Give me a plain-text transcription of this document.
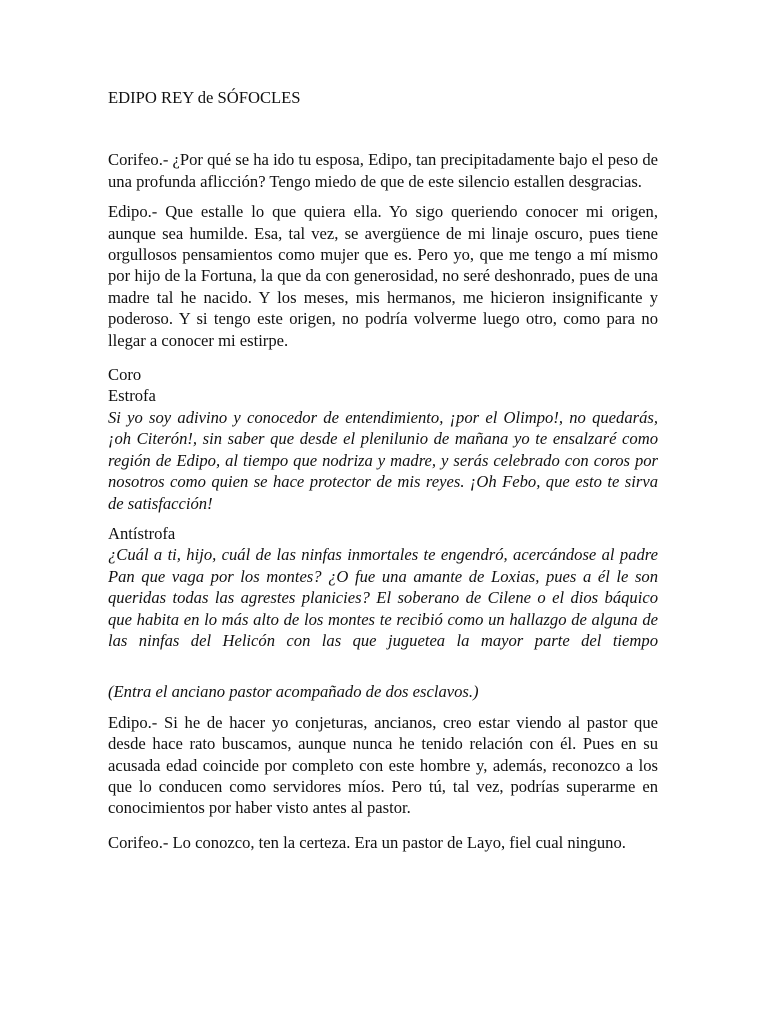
EDIPO REY de SÓFOCLES

Corifeo.- ¿Por qué se ha ido tu esposa, Edipo, tan precipitadamente bajo el peso de una profunda aflicción? Tengo miedo de que de este silencio estallen desgracias.

Edipo.- Que estalle lo que quiera ella. Yo sigo queriendo conocer mi origen, aunque sea humilde. Esa, tal vez, se avergüence de mi linaje oscuro, pues tiene orgullosos pensamientos como mujer que es. Pero yo, que me tengo a mí mismo por hijo de la Fortuna, la que da con generosidad, no seré deshonrado, pues de una madre tal he nacido. Y los meses, mis hermanos, me hicieron insignificante y poderoso. Y si tengo este origen, no podría volverme luego otro, como para no llegar a conocer mi estirpe.

Coro
Estrofa

Si yo soy adivino y conocedor de entendimiento, ¡por el Olimpo!, no quedarás, ¡oh Citerón!, sin saber que desde el plenilunio de mañana yo te ensalzaré como región de Edipo, al tiempo que nodriza y madre, y serás celebrado con coros por nosotros como quien se hace protector de mis reyes. ¡Oh Febo, que esto te sirva de satisfacción!

Antístrofa

¿Cuál a ti, hijo, cuál de las ninfas inmortales te engendró, acercándose al padre Pan que vaga por los montes? ¿O fue una amante de Loxias, pues a él le son queridas todas las agrestes planicies? El soberano de Cilene o el dios báquico que habita en lo más alto de los montes te recibió como un hallazgo de alguna de las ninfas del Helicón con las que juguetea la mayor parte del tiempo

(Entra el anciano pastor acompañado de dos esclavos.)

Edipo.- Si he de hacer yo conjeturas, ancianos, creo estar viendo al pastor que desde hace rato buscamos, aunque nunca he tenido relación con él. Pues en su acusada edad coincide por completo con este hombre y, además, reconozco a los que lo conducen como servidores míos. Pero tú, tal vez, podrías superarme en conocimientos por haber visto antes al pastor.

Corifeo.- Lo conozco, ten la certeza. Era un pastor de Layo, fiel cual ninguno.
